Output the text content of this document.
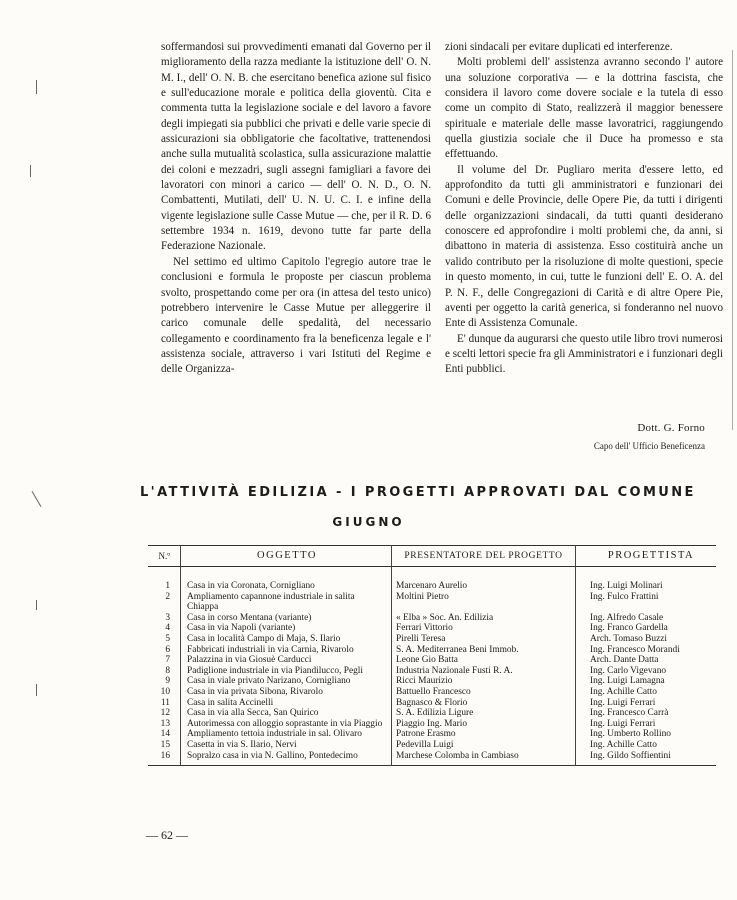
soffermandosi sui provvedimenti emanati dal Governo per il miglioramento della razza mediante la istituzione dell' O. N. M. I., dell' O. N. B. che esercitano benefica azione sul fisico e sull'educazione morale e politica della gioventù. Cita e commenta tutta la legislazione sociale e del lavoro a favore degli impiegati sia pubblici che privati e delle varie specie di assicurazioni sia obbligatorie che facoltative, trattenendosi anche sulla mutualità scolastica, sulla assicurazione malattie dei coloni e mezzadri, sugli assegni famigliari a favore dei lavoratori con minori a carico — dell' O. N. D., O. N. Combattenti, Mutilati, dell' U. N. U. C. I. e infine della vigente legislazione sulle Casse Mutue — che, per il R. D. 6 settembre 1934 n. 1619, devono tutte far parte della Federazione Nazionale.

Nel settimo ed ultimo Capitolo l'egregio autore trae le conclusioni e formula le proposte per ciascun problema svolto, prospettando come per ora (in attesa del testo unico) potrebbero intervenire le Casse Mutue per alleggerire il carico comunale delle spedalità, del necessario collegamento e coordinamento fra la beneficenza legale e l' assistenza sociale, attraverso i vari Istituti del Regime e delle Organizza-

zioni sindacali per evitare duplicati ed interferenze.

Molti problemi dell' assistenza avranno secondo l' autore una soluzione corporativa — e la dottrina fascista, che considera il lavoro come dovere sociale e la tutela di esso come un compito di Stato, realizzerà il maggior benessere spirituale e materiale delle masse lavoratrici, raggiungendo quella giustizia sociale che il Duce ha promesso e sta effettuando.

Il volume del Dr. Pugliaro merita d'essere letto, ed approfondito da tutti gli amministratori e funzionari dei Comuni e delle Provincie, delle Opere Pie, da tutti i dirigenti delle organizzazioni sindacali, da tutti quanti desiderano conoscere ed approfondire i molti problemi che, da anni, si dibattono in materia di assistenza. Esso costituirà anche un valido contributo per la risoluzione di molte questioni, specie in questo momento, in cui, tutte le funzioni dell' E. O. A. del P. N. F., delle Congregazioni di Carità e di altre Opere Pie, aventi per oggetto la carità generica, si fonderanno nel nuovo Ente di Assistenza Comunale.

E' dunque da augurarsi che questo utile libro trovi numerosi e scelti lettori specie fra gli Amministratori e i funzionari degli Enti pubblici.

Dott. G. Forno
Capo dell' Ufficio Beneficenza
L'ATTIVITÀ EDILIZIA - I PROGETTI APPROVATI DAL COMUNE
GIUGNO
N.º	OGGETTO	PRESENTATORE DEL PROGETTO	PROGETTISTA
1	Casa in via Coronata, Cornigliano	Marcenaro Aurelio	Ing. Luigi Molinari
2	Ampliamento capannone industriale in salita Chiappa	Moltini Pietro	Ing. Fulco Frattini
3	Casa in corso Mentana (variante)	« Elba » Soc. An. Edilizia	Ing. Alfredo Casale
4	Casa in via Napoli (variante)	Ferrari Vittorio	Ing. Franco Gardella
5	Casa in località Campo di Maja, S. Ilario	Pirelli Teresa	Arch. Tomaso Buzzi
6	Fabbricati industriali in via Carnia, Rivarolo	S. A. Mediterranea Beni Immob.	Ing. Francesco Morandi
7	Palazzina in via Giosuè Carducci	Leone Gio Batta	Arch. Dante Datta
8	Padiglione industriale in via Piandilucco, Pegli	Industria Nazionale Fusti R. A.	Ing. Carlo Vigevano
9	Casa in viale privato Narizano, Cornigliano	Ricci Maurizio	Ing. Luigi Lamagna
10	Casa in via privata Sibona, Rivarolo	Battuello Francesco	Ing. Achille Catto
11	Casa in salita Accinelli	Bagnasco & Florio	Ing. Luigi Ferrari
12	Casa in via alla Secca, San Quirico	S. A. Edilizia Ligure	Ing. Francesco Carrà
13	Autorimessa con alloggio soprastante in via Piaggio	Piaggio Ing. Mario	Ing. Luigi Ferrari
14	Ampliamento tettoia industriale in sal. Olivaro	Patrone Erasmo	Ing. Umberto Rollino
15	Casetta in via S. Ilario, Nervi	Pedevilla Luigi	Ing. Achille Catto
16	Sopralzo casa in via N. Gallino, Pontedecimo	Marchese Colomba in Cambiaso	Ing. Gildo Soffientini
— 62 —
